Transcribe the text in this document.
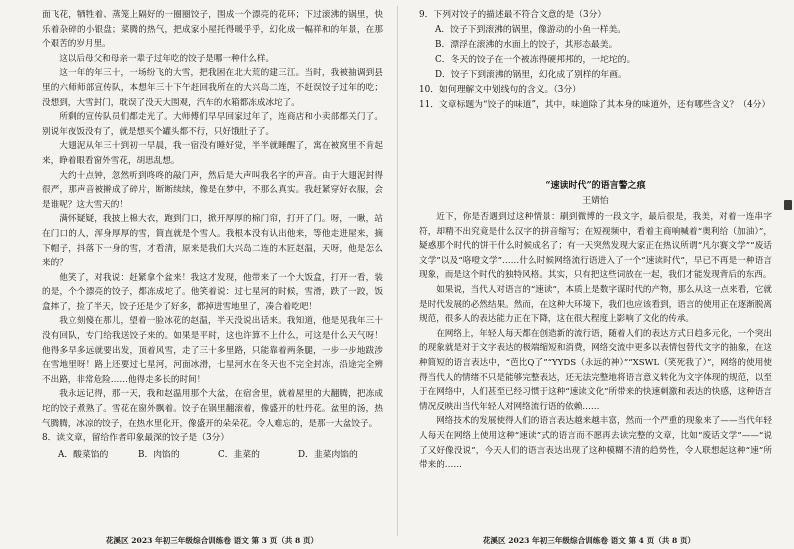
面飞花，牺牲着、蒸笼上隔好的一圈圈饺子，围成一个漂亮的花环；下过滚沸的锅里，快乐着杂碎的小银盘；菜腾的热气，把成家小屋托得暖乎乎，幻化成一幅祥和的年景，在那个艰苦的岁月里。

这以后母父和母亲一辈子过年吃的饺子是哪一种什么样。

这一年的年三十，一场纷飞的大雪，把我困在北大荒的建三江。当时，我被抽调到县里的六师师部宣传队，本想年三十下午赶回我所在的大兴岛二连，不赶误饺子过年的吃；没想到，大雪封门，耽误了没天大围观，汽车的水箱都冻成冰坨了。

所剩的宣传队员们都走光了。大师傅们早早回家过年了，连商店和小卖部都关门了。别说年夜饭没有了，就是想买个罐头都不行，只好饿肚子了。

大翅泥从年三十到初一早晨，我一宿没有睡好觉，半半就睡醒了，寓在被窝里不肯起来，睁着眼看窗外雪花，胡思乱想。

大约十点钟，忽然听到咚咚的敲门声，然后是大声叫我名字的声音。由于大翅泥封得很严，那声音被擀成了碎片，断断续续，像是在梦中，不那么真实。我赶紧穿好衣服，会是谁呢？这大雪天的！

满怀疑疑，我披上棉大衣，跑到门口，掀开厚厚的棉门帘，打开了门。呀，一瞅，站在门口的人，浑身厚厚的雪，简直就是个雪人。我根本没有认出他来，等他走进屋来，摘下帽子，抖落下一身的雪，才看清，原来是我们大兴岛二连的木匠赵温，天呀，他是怎么来的？

他笑了，对我说：赶紧拿个盆来！我这才发现，他带来了一个大饭盒，打开一看，装的是，个个漂亮的饺子，都冻成坨了。他笑着说：过七星河的时候，雪滑，跌了一跤，饭盒摔了，捡了半天，饺子还是少了好多，都掉进雪地里了，凑合着吃吧！

我立刻傻在那儿，望着一脸冰花的赵温，半天没说出话来。我知道，他是见我年三十没有回队，专门给我送饺子来的。如果是平时，这也许算不上什么，可这是什么天气呀！他得多早多远就要出发，顶着风雪，走了三十多里路，只能靠着两条腿，一步一步地跋涉在雪地里呀！路上还要过七星河，河面冰滑，七星河水在冬天也不完全封冻，沿途完全辨不出路，非常危险……他得走多长的时间！

我永远记得，那一天，我和赵温用那个大盆，在宿舍里，就着屋里的大翻腾，把冻成坨的饺子煮熟了。雪花在窗外飘着。饺子在锅里翻滚着，像盛开的牡丹花。盆里的汤，热气腾腾，冰凉的饺子，在热水里化开，像盛开的朵朵花。令人难忘的，是那一大盆饺子。

8．读文章，留给作者印象最深的饺子是（3分）

A．酸菜馅的	B．肉馅的	C．韭菜的	D．韭菜肉馅的
花溪区 2023 年初三年级综合训练卷 语文 第 3 页（共 8 页）

9．下列对饺子的描述最不符合文意的是（3分）

A．饺子下到滚沸的锅里，像游动的小鱼一样美。

B．漂浮在滚沸的水面上的饺子，其形态最美。

C．冬天的饺子在一个被冻得硬邦邦的，一坨坨的。

D．饺子下到滚沸的锅里，幻化成了别样的年画。

10．如何理解文中划线句的含义。（3分）

11．文章标题为“饺子的味道”，其中，味道除了其本身的味道外，还有哪些含义？（4分）

“速读时代”的语言警之痕
王婧怡

近下，你是否遇到过这种情景：刷到微博的一段文字，最后很是，我美，对着一连串字符，却精不出究竟是什么汉字的拼音缩写；在短视频中，看着主商响喊着“奥利给（加油）”，疑惑那个时代的饼干什么时候成名了；有一天突然发现大家正在热议所谓“凡尔赛文学”“废话文学”以及“咯噔文学”……什么时候网络流行语进入了一个“速读时代”，早已不再是一种语言现象，而是这个时代的独特风格。其实，只有把这些词放在一起，我们才能发现背后的东西。

如果说，当代人对语言的“速读”，本质上是数字谋时代的产物，那么从这一点来看，它就是时代发展的必然结果。然而，在这种大环境下，我们也应该看到，语言的使用正在逐渐脱离规范，很多人的表达能力正在下降，这在很大程度上影响了文化的传承。

在网络上，年轻人每天都在创造新的流行语，随着人们的表达方式日趋多元化，一个突出的现象就是对于文字表达的极端缩短和消费，网络交流中更多以表情包替代文字的抽象，在这种简短的语言表达中，“芭比Q了”“YYDS（永远的神）”“XSWL（笑死我了）”，网络的使用使得当代人的情绪不只是能够完整表达，还无法完整地将语言意义转化为文字体现的规范，以至于在网络中，人们甚至已经习惯于这种“速读文化”所带来的快速刺激和表达的快感，这种语言情况反映出当代年轻人对网络流行语的依赖……

网络技术的发展使得人们的语言表达越来越丰富，然而一个严重的现象来了——当代年轻人每天在网络上使用这种“速读”式的语言而不愿再去读完整的文章，比如“废话文学”——“说了又好像没说”，今天人们的语言表达出现了这种模糊不清的趋势性，令人联想起这种“速”所带来的……

花溪区 2023 年初三年级综合训练卷 语文 第 4 页（共 8 页）
